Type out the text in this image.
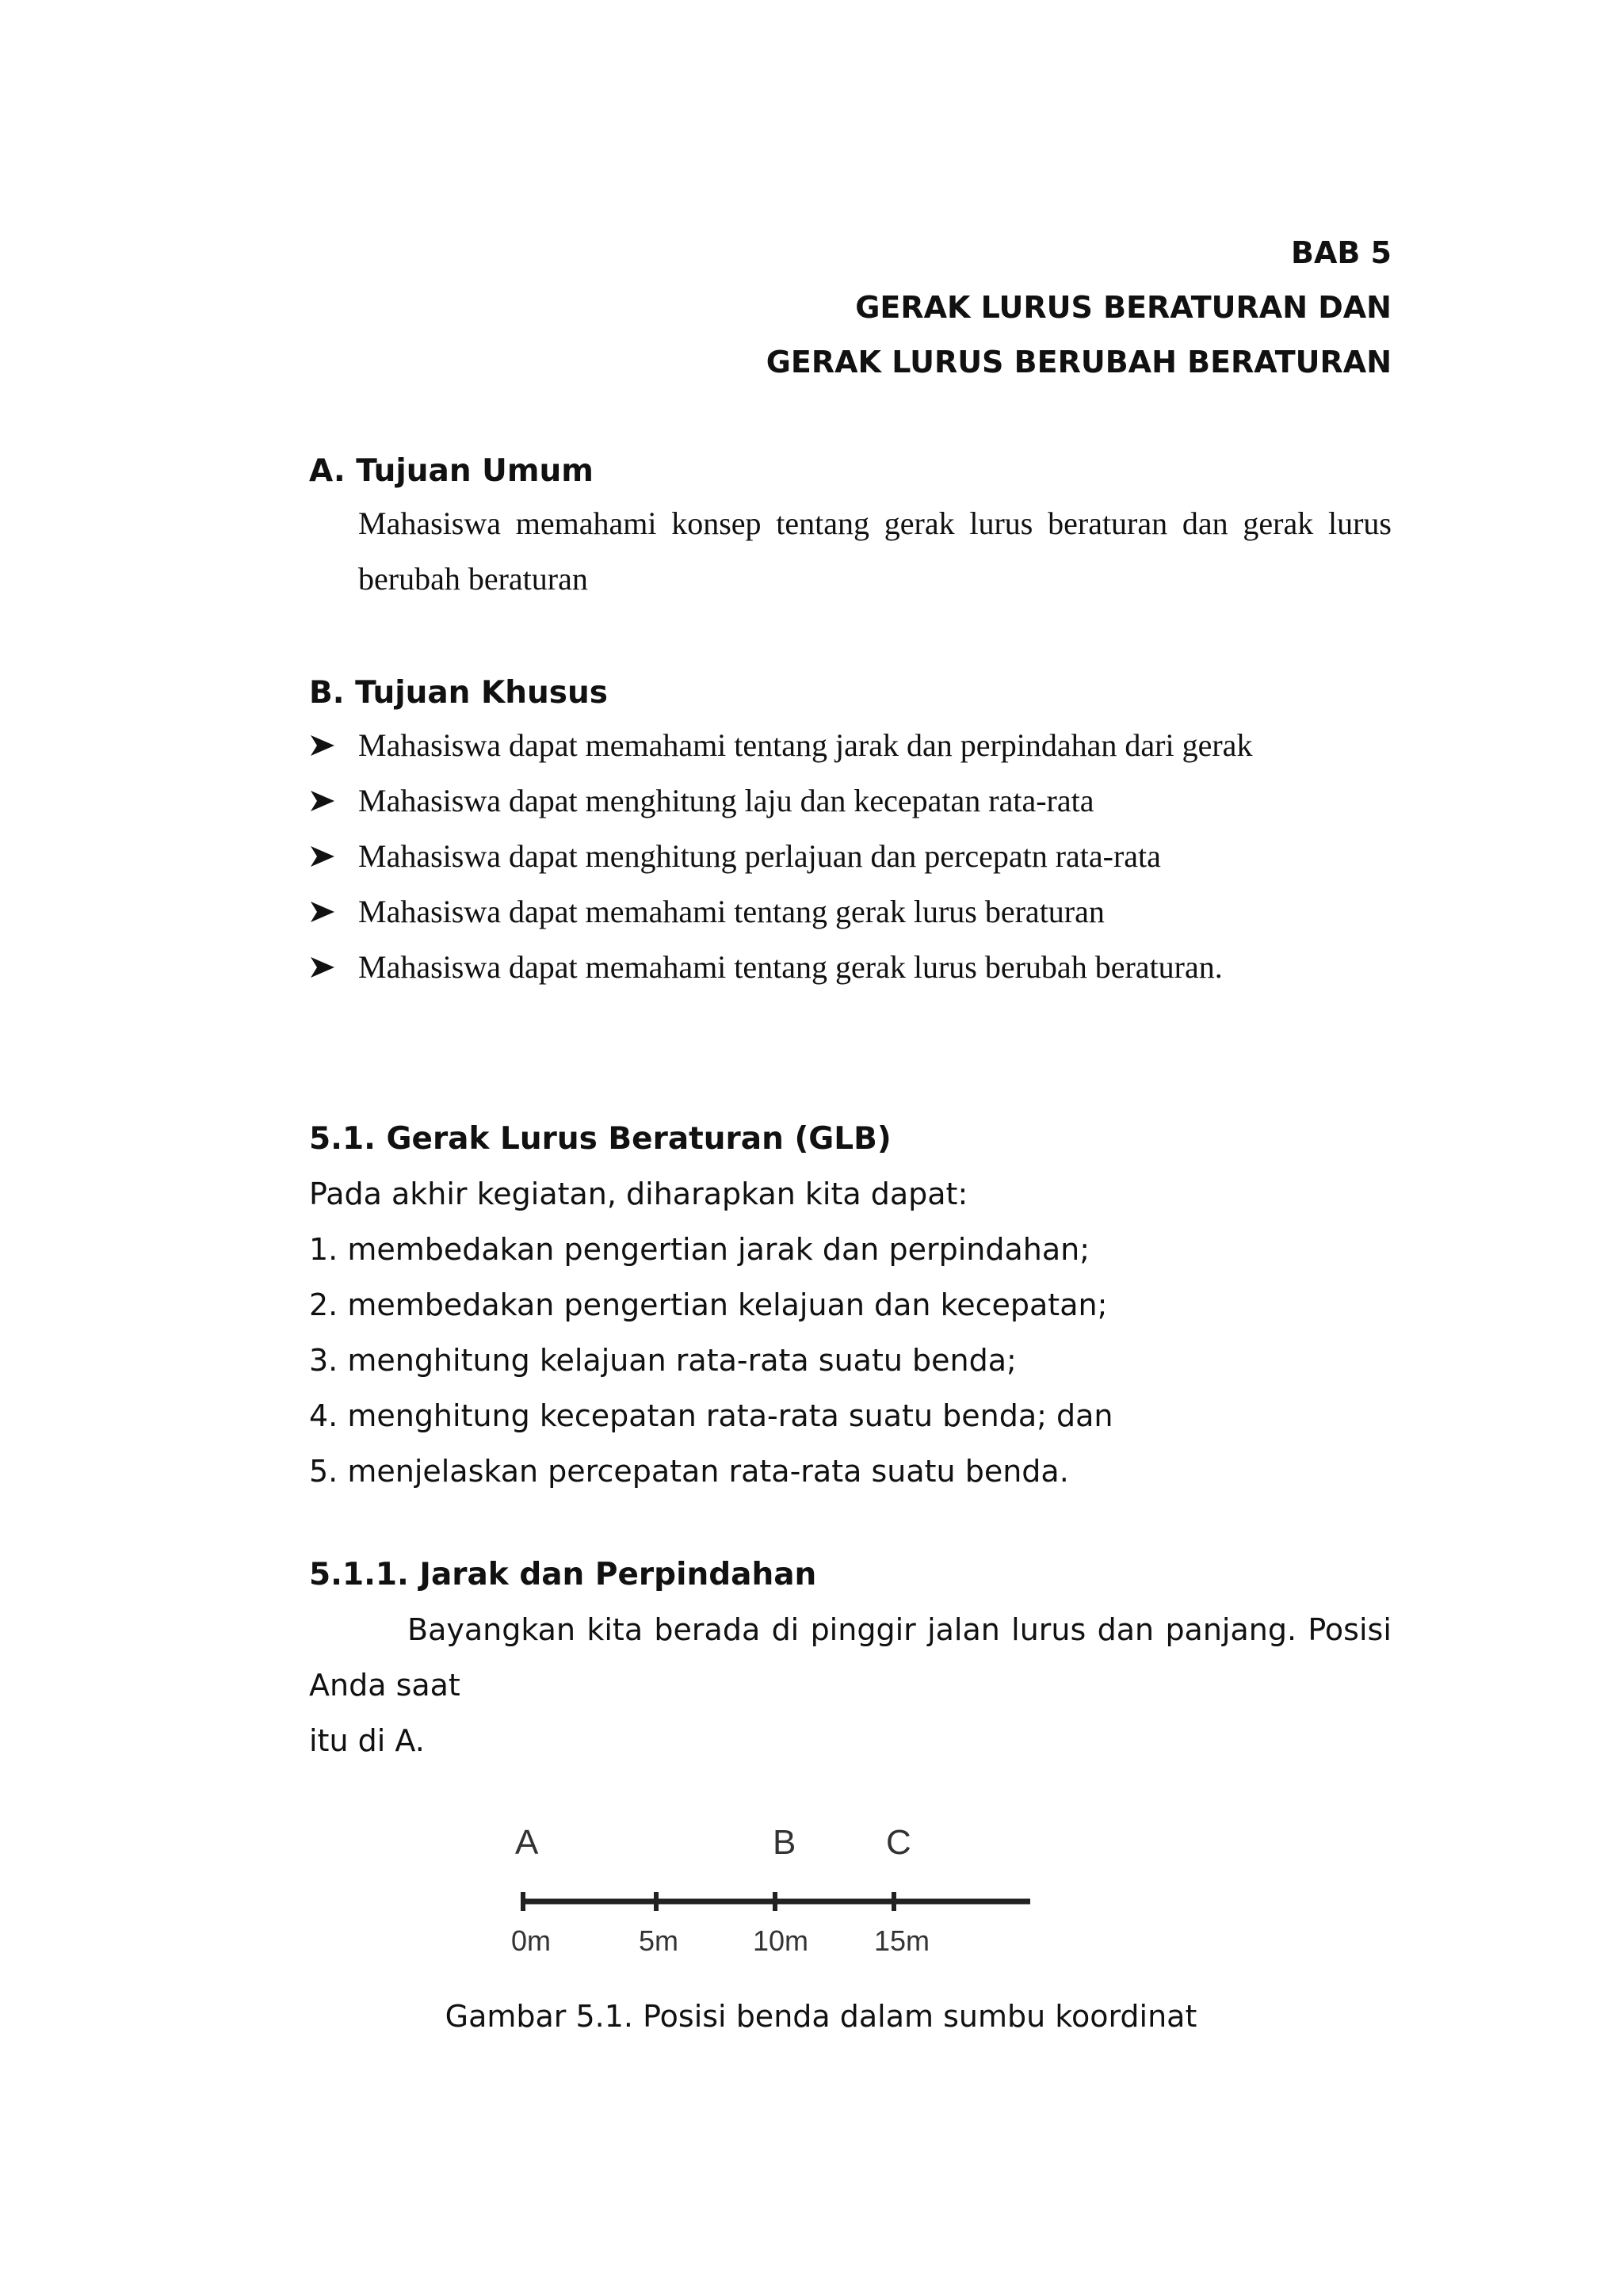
BAB 5
GERAK LURUS BERATURAN DAN
GERAK LURUS BERUBAH BERATURAN
A. Tujuan Umum

Mahasiswa memahami konsep tentang gerak lurus beraturan dan gerak lurus

berubah beraturan

B. Tujuan Khusus
Mahasiswa dapat memahami tentang jarak dan perpindahan dari gerak
Mahasiswa dapat menghitung laju dan kecepatan rata-rata
Mahasiswa dapat menghitung perlajuan dan percepatn rata-rata
Mahasiswa dapat memahami tentang gerak lurus beraturan
Mahasiswa dapat memahami tentang gerak lurus berubah beraturan.
5.1. Gerak Lurus Beraturan (GLB)
Pada akhir kegiatan, diharapkan kita dapat:
1. membedakan pengertian jarak dan perpindahan;
2. membedakan pengertian kelajuan dan kecepatan;
3. menghitung kelajuan rata-rata suatu benda;
4. menghitung kecepatan rata-rata suatu benda; dan
5. menjelaskan percepatan rata-rata suatu benda.
5.1.1. Jarak dan Perpindahan
Bayangkan kita berada di pinggir jalan lurus dan panjang. Posisi
Anda saat
itu di A.
A	B	C
0m	5m	10m 15m
Gambar 5.1. Posisi benda dalam sumbu koordinat
